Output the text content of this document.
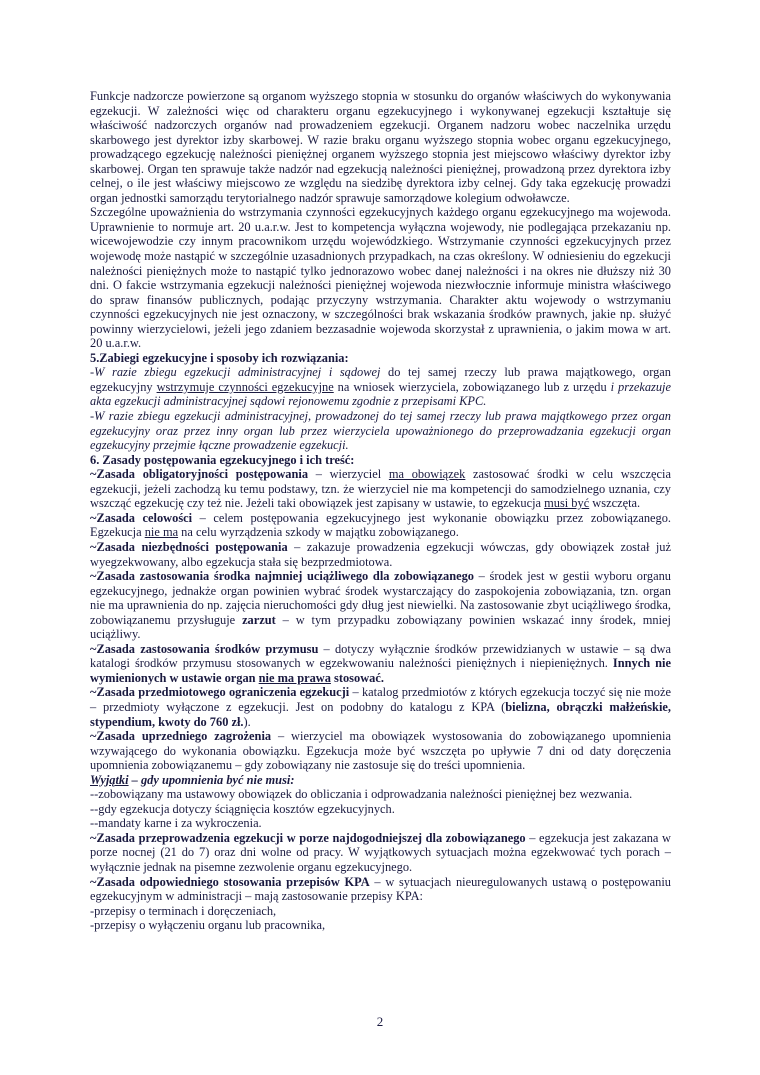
Funkcje nadzorcze powierzone są organom wyższego stopnia w stosunku do organów właściwych do wykonywania egzekucji. W zależności więc od charakteru organu egzekucyjnego i wykonywanej egzekucji kształtuje się właściwość nadzorczych organów nad prowadzeniem egzekucji. Organem nadzoru wobec naczelnika urzędu skarbowego jest dyrektor izby skarbowej. W razie braku organu wyższego stopnia wobec organu egzekucyjnego, prowadzącego egzekucję należności pieniężnej organem wyższego stopnia jest miejscowo właściwy dyrektor izby skarbowej. Organ ten sprawuje także nadzór nad egzekucją należności pieniężnej, prowadzoną przez dyrektora izby celnej, o ile jest właściwy miejscowo ze względu na siedzibę dyrektora izby celnej. Gdy taka egzekucję prowadzi organ jednostki samorządu terytorialnego nadzór sprawuje samorządowe kolegium odwoławcze.

Szczególne upoważnienia do wstrzymania czynności egzekucyjnych każdego organu egzekucyjnego ma wojewoda. Uprawnienie to normuje art. 20 u.a.r.w. Jest to kompetencja wyłączna wojewody, nie podlegająca przekazaniu np. wicewojewodzie czy innym pracownikom urzędu wojewódzkiego. Wstrzymanie czynności egzekucyjnych przez wojewodę może nastąpić w szczególnie uzasadnionych przypadkach, na czas określony. W odniesieniu do egzekucji należności pieniężnych może to nastąpić tylko jednorazowo wobec danej należności i na okres nie dłuższy niż 30 dni. O fakcie wstrzymania egzekucji należności pieniężnej wojewoda niezwłocznie informuje ministra właściwego do spraw finansów publicznych, podając przyczyny wstrzymania. Charakter aktu wojewody o wstrzymaniu czynności egzekucyjnych nie jest oznaczony, w szczególności brak wskazania środków prawnych, jakie np. służyć powinny wierzycielowi, jeżeli jego zdaniem bezzasadnie wojewoda skorzystał z uprawnienia, o jakim mowa w art. 20 u.a.r.w.

5.Zabiegi egzekucyjne i sposoby ich rozwiązania:

-W razie zbiegu egzekucji administracyjnej i sądowej do tej samej rzeczy lub prawa majątkowego, organ egzekucyjny wstrzymuje czynności egzekucyjne na wniosek wierzyciela, zobowiązanego lub z urzędu i przekazuje akta egzekucji administracyjnej sądowi rejonowemu zgodnie z przepisami KPC.

-W razie zbiegu egzekucji administracyjnej, prowadzonej do tej samej rzeczy lub prawa majątkowego przez organ egzekucyjny oraz przez inny organ lub przez wierzyciela upoważnionego do przeprowadzania egzekucji organ egzekucyjny przejmie łączne prowadzenie egzekucji.

6. Zasady postępowania egzekucyjnego i ich treść:

~Zasada obligatoryjności postępowania – wierzyciel ma obowiązek zastosować środki w celu wszczęcia egzekucji, jeżeli zachodzą ku temu podstawy, tzn. że wierzyciel nie ma kompetencji do samodzielnego uznania, czy wszcząć egzekucję czy też nie. Jeżeli taki obowiązek jest zapisany w ustawie, to egzekucja musi być wszczęta.

~Zasada celowości – celem postępowania egzekucyjnego jest wykonanie obowiązku przez zobowiązanego. Egzekucja nie ma na celu wyrządzenia szkody w majątku zobowiązanego.

~Zasada niezbędności postępowania – zakazuje prowadzenia egzekucji wówczas, gdy obowiązek został już wyegzekwowany, albo egzekucja stała się bezprzedmiotowa.

~Zasada zastosowania środka najmniej uciążliwego dla zobowiązanego – środek jest w gestii wyboru organu egzekucyjnego, jednakże organ powinien wybrać środek wystarczający do zaspokojenia zobowiązania, tzn. organ nie ma uprawnienia do np. zajęcia nieruchomości gdy dług jest niewielki. Na zastosowanie zbyt uciążliwego środka, zobowiązanemu przysługuje zarzut – w tym przypadku zobowiązany powinien wskazać inny środek, mniej uciążliwy.

~Zasada zastosowania środków przymusu – dotyczy wyłącznie środków przewidzianych w ustawie – są dwa katalogi środków przymusu stosowanych w egzekwowaniu należności pieniężnych i niepieniężnych. Innych nie wymienionych w ustawie organ nie ma prawa stosować.

~Zasada przedmiotowego ograniczenia egzekucji – katalog przedmiotów z których egzekucja toczyć się nie może – przedmioty wyłączone z egzekucji. Jest on podobny do katalogu z KPA (bielizna, obrączki małżeńskie, stypendium, kwoty do 760 zł.).

~Zasada uprzedniego zagrożenia – wierzyciel ma obowiązek wystosowania do zobowiązanego upomnienia wzywającego do wykonania obowiązku. Egzekucja może być wszczęta po upływie 7 dni od daty doręczenia upomnienia zobowiązanemu – gdy zobowiązany nie zastosuje się do treści upomnienia.

Wyjątki – gdy upomnienia być nie musi:

--zobowiązany ma ustawowy obowiązek do obliczania i odprowadzania należności pieniężnej bez wezwania.

--gdy egzekucja dotyczy ściągnięcia kosztów egzekucyjnych.

--mandaty karne i za wykroczenia.

~Zasada przeprowadzenia egzekucji w porze najdogodniejszej dla zobowiązanego – egzekucja jest zakazana w porze nocnej (21 do 7) oraz dni wolne od pracy. W wyjątkowych sytuacjach można egzekwować tych porach – wyłącznie jednak na pisemne zezwolenie organu egzekucyjnego.

~Zasada odpowiedniego stosowania przepisów KPA – w sytuacjach nieuregulowanych ustawą o postępowaniu egzekucyjnym w administracji – mają zastosowanie przepisy KPA:

-przepisy o terminach i doręczeniach,

-przepisy o wyłączeniu organu lub pracownika,

2
